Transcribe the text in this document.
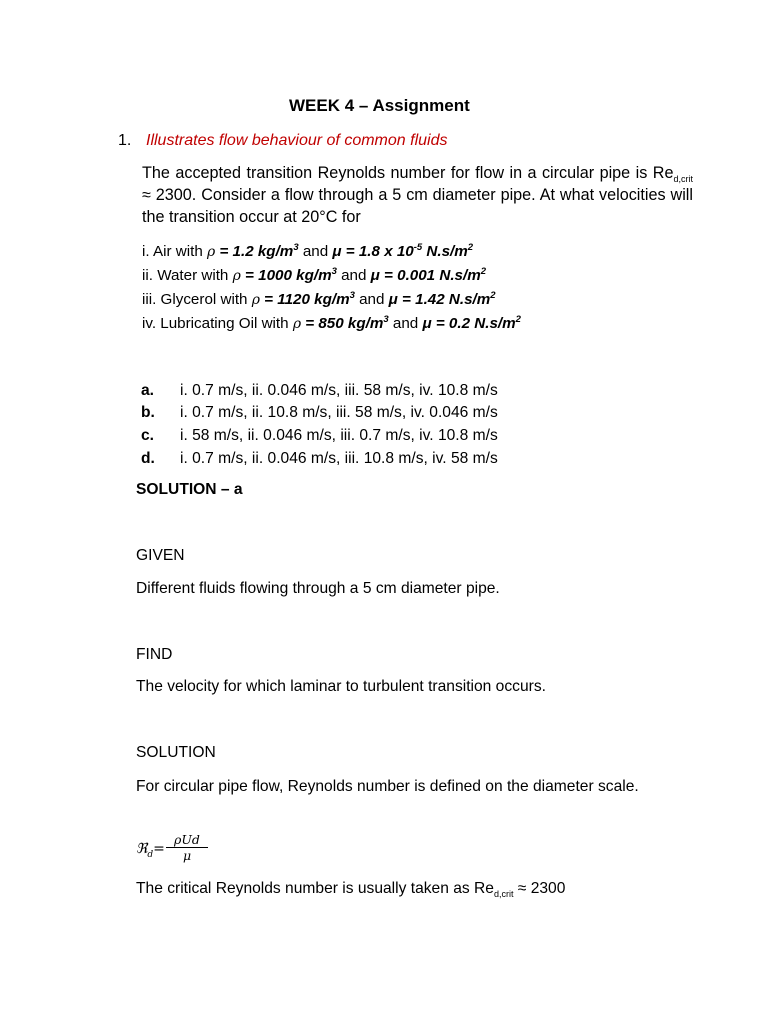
WEEK 4 – Assignment
1. Illustrates flow behaviour of common fluids
The accepted transition Reynolds number for flow in a circular pipe is $Re_{d,crit} \approx 2300$. Consider a flow through a 5 cm diameter pipe. At what velocities will the transition occur at 20°C for
i. Air with ρ = 1.2 $kg/m^3$ and μ = 1.8 x $10^{-5}$ $N.s/m^2$
ii. Water with ρ = 1000 $kg/m^3$ and μ = 0.001 $N.s/m^2$
iii. Glycerol with ρ = 1120 $kg/m^3$ and μ = 1.42 $N.s/m^2$
iv. Lubricating Oil with ρ = 850 $kg/m^3$ and μ = 0.2 $N.s/m^2$
a. i. 0.7 m/s, ii. 0.046 m/s, iii. 58 m/s, iv. 10.8 m/s
b. i. 0.7 m/s, ii. 10.8 m/s, iii. 58 m/s, iv. 0.046 m/s
c. i. 58 m/s, ii. 0.046 m/s, iii. 0.7 m/s, iv. 10.8 m/s
d. i. 0.7 m/s, ii. 0.046 m/s, iii. 10.8 m/s, iv. 58 m/s
SOLUTION – a
GIVEN
Different fluids flowing through a 5 cm diameter pipe.
FIND
The velocity for which laminar to turbulent transition occurs.
SOLUTION
For circular pipe flow, Reynolds number is defined on the diameter scale.
ℜ$_d$=
ρUd
μ
The critical Reynolds number is usually taken as $Re_{d,crit} \approx 2300$
